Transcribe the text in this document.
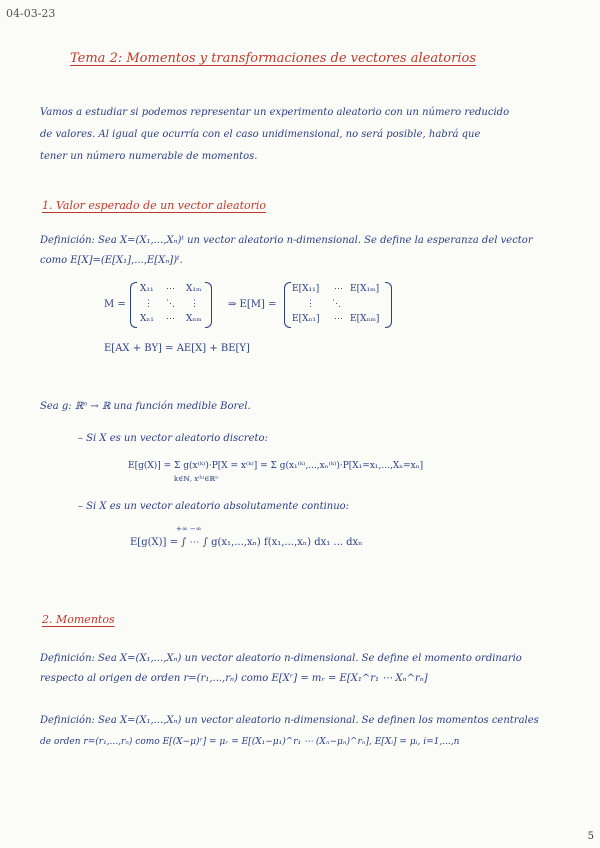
04-03-23
Tema 2: Momentos y transformaciones de vectores aleatorios
Vamos a estudiar si podemos representar un experimento aleatorio con un número reducido
de valores. Al igual que ocurría con el caso unidimensional, no será posible, habrá que
tener un número numerable de momentos.
1. Valor esperado de un vector aleatorio
Definición: Sea X=(X₁,...,Xₙ)ᵗ un vector aleatorio n-dimensional. Se define la esperanza del vector
como E[X]=(E[X₁],...,E[Xₙ])ᵗ.
M =
X₁₁ ⋯ X₁ₘ
⋮ ⋱ ⋮
Xₙ₁ ⋯ Xₙₘ
⇒ E[M] =
E[X₁₁] ⋯ E[X₁ₘ]
⋮ ⋱
E[Xₙ₁] ⋯ E[Xₙₘ]
E[AX + BY] = AE[X] + BE[Y]
Sea g: ℝⁿ → ℝ una función medible Borel.
– Si X es un vector aleatorio discreto:
E[g(X)] = Σ g(x⁽ᵏ⁾)·P[X = x⁽ᵏ⁾] = Σ g(x₁⁽ᵏ⁾,...,xₙ⁽ᵏ⁾)·P[X₁=x₁,...,Xₙ=xₙ]
k∈ℕ, x⁽ᵏ⁾∈ℝⁿ
– Si X es un vector aleatorio absolutamente continuo:
E[g(X)] = ∫ ⋯ ∫ g(x₁,...,xₙ) f(x₁,...,xₙ) dx₁ ... dxₙ
+∞ −∞
2. Momentos
Definición: Sea X=(X₁,...,Xₙ) un vector aleatorio n-dimensional. Se define el momento ordinario
respecto al origen de orden r=(r₁,...,rₙ) como E[Xʳ] = mᵣ = E[X₁^r₁ ⋯ Xₙ^rₙ]
Definición: Sea X=(X₁,...,Xₙ) un vector aleatorio n-dimensional. Se definen los momentos centrales
de orden r=(r₁,...,rₙ) como E[(X−μ)ʳ] = μᵣ = E[(X₁−μ₁)^r₁ ⋯ (Xₙ−μₙ)^rₙ], E[Xᵢ] = μᵢ, i=1,...,n
5
